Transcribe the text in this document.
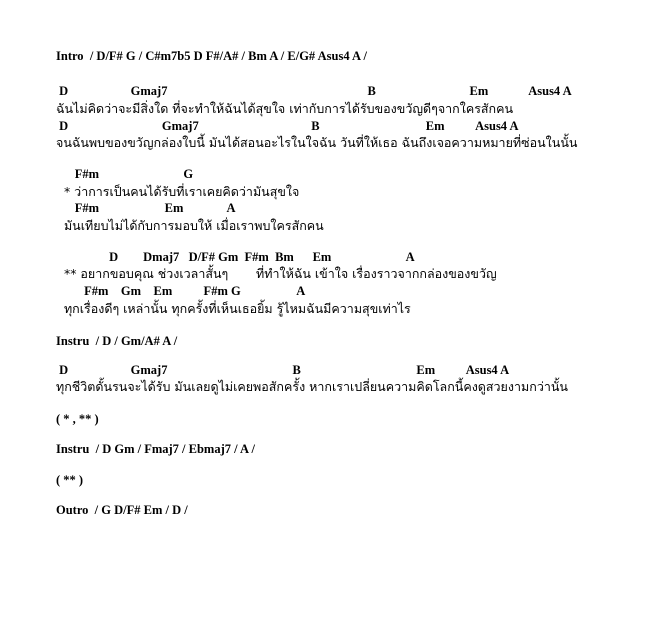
Intro / D/F# G / C#m7b5 D F#/A# / Bm A / E/G# Asus4 A /
D                    Gmaj7                                                                B                              Em             Asus4 A
ฉันไม่คิดว่าจะมีสิ่งใด ที่จะทำให้ฉันได้สุขใจ เท่ากับการได้รับของขวัญดีๆจากใครสักคน
D                              Gmaj7                                    B                                  Em          Asus4 A
จนฉันพบของขวัญกล่องใบนี้ มันได้สอนอะไรในใจฉัน วันที่ให้เธอ ฉันถึงเจอความหมายที่ซ่อนในนั้น
F#m                           G
* ว่าการเป็นคนได้รับที่เราเคยคิดว่ามันสุขใจ
F#m                     Em              A
มันเทียบไม่ได้กับการมอบให้ เมื่อเราพบใครสักคน
D        Dmaj7   D/F# Gm  F#m  Bm      Em                        A
** อยากขอบคุณ ช่วงเวลาสั้นๆ       ที่ทำให้ฉัน เข้าใจ เรื่องราวจากกล่องของขวัญ
F#m    Gm    Em          F#m G                  A
ทุกเรื่องดีๆ เหล่านั้น ทุกครั้งที่เห็นเธอยิ้ม รู้ไหมฉันมีความสุขเท่าไร
Instru / D / Gm/A# A /
D                    Gmaj7                                        B                                     Em          Asus4 A
ทุกชีวิตดั้นรนจะได้รับ มันเลยดูไม่เคยพอสักครั้ง หากเราเปลี่ยนความคิดโลกนี้คงดูสวยงามกว่านั้น
( * , ** )
Instru / D Gm / Fmaj7 / Ebmaj7 / A /
( ** )
Outro / G D/F# Em / D /
